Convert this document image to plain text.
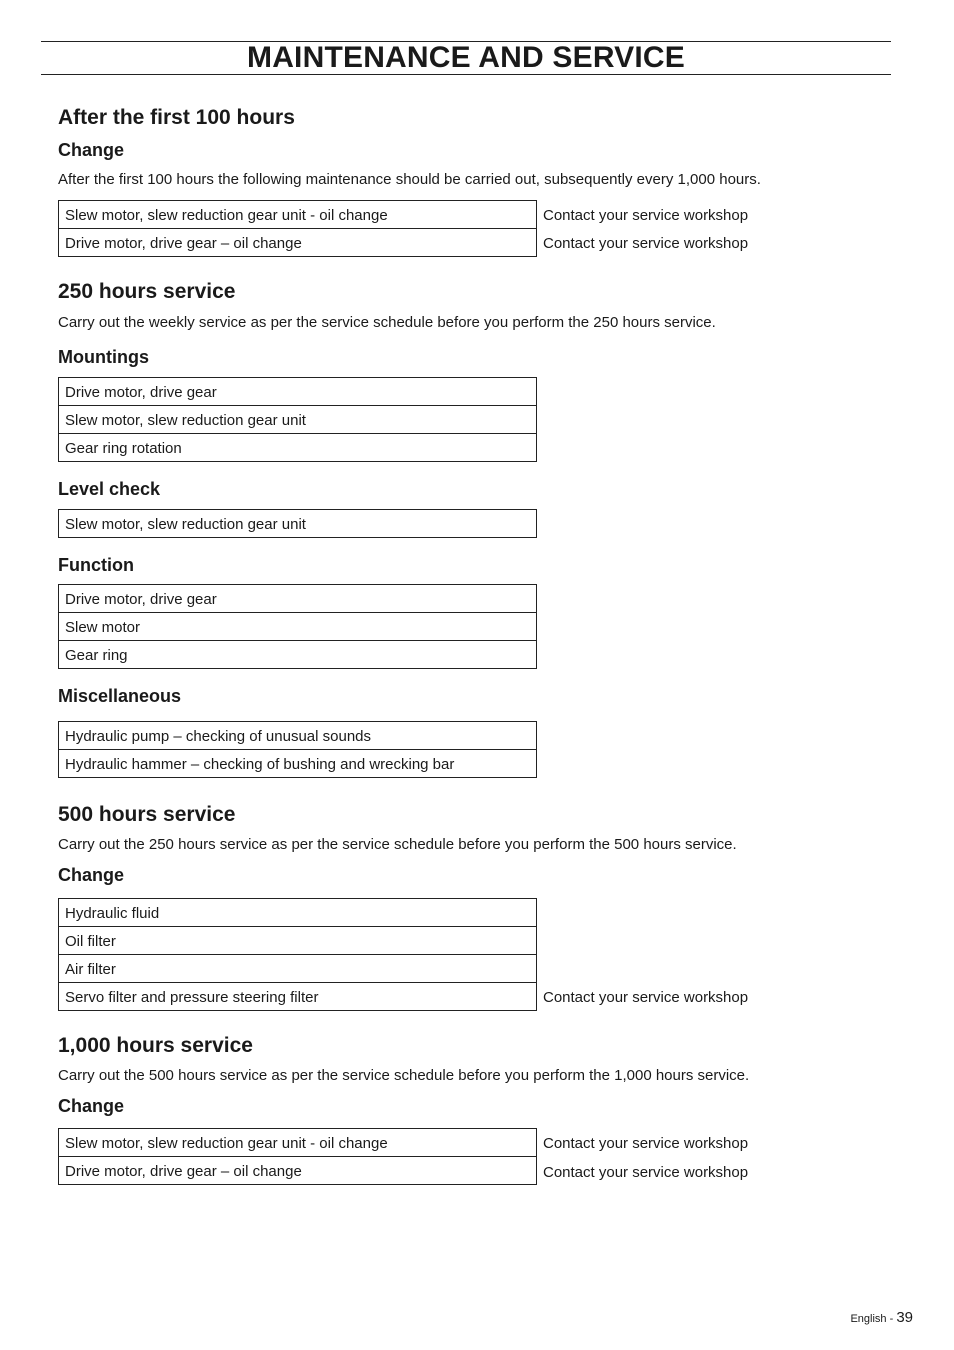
MAINTENANCE AND SERVICE
After the first 100 hours
Change
After the first 100 hours the following maintenance should be carried out, subsequently every 1,000 hours.
Slew motor, slew reduction gear unit - oil change
Drive motor, drive gear – oil change
Contact your service workshop
Contact your service workshop
250 hours service
Carry out the weekly service as per the service schedule before you perform the 250 hours service.
Mountings
Drive motor, drive gear
Slew motor, slew reduction gear unit
Gear ring rotation
Level check
Slew motor, slew reduction gear unit
Function
Drive motor, drive gear
Slew motor
Gear ring
Miscellaneous
Hydraulic pump – checking of unusual sounds
Hydraulic hammer – checking of bushing and wrecking bar
500 hours service
Carry out the 250 hours service as per the service schedule before you perform the 500 hours service.
Change
Hydraulic fluid
Oil filter
Air filter
Servo filter and pressure steering filter	Contact your service workshop
1,000 hours service
Carry out the 500 hours service as per the service schedule before you perform the 1,000 hours service.
Change
Slew motor, slew reduction gear unit - oil change
Drive motor, drive gear – oil change
Contact your service workshop
Contact your service workshop
English - 39
